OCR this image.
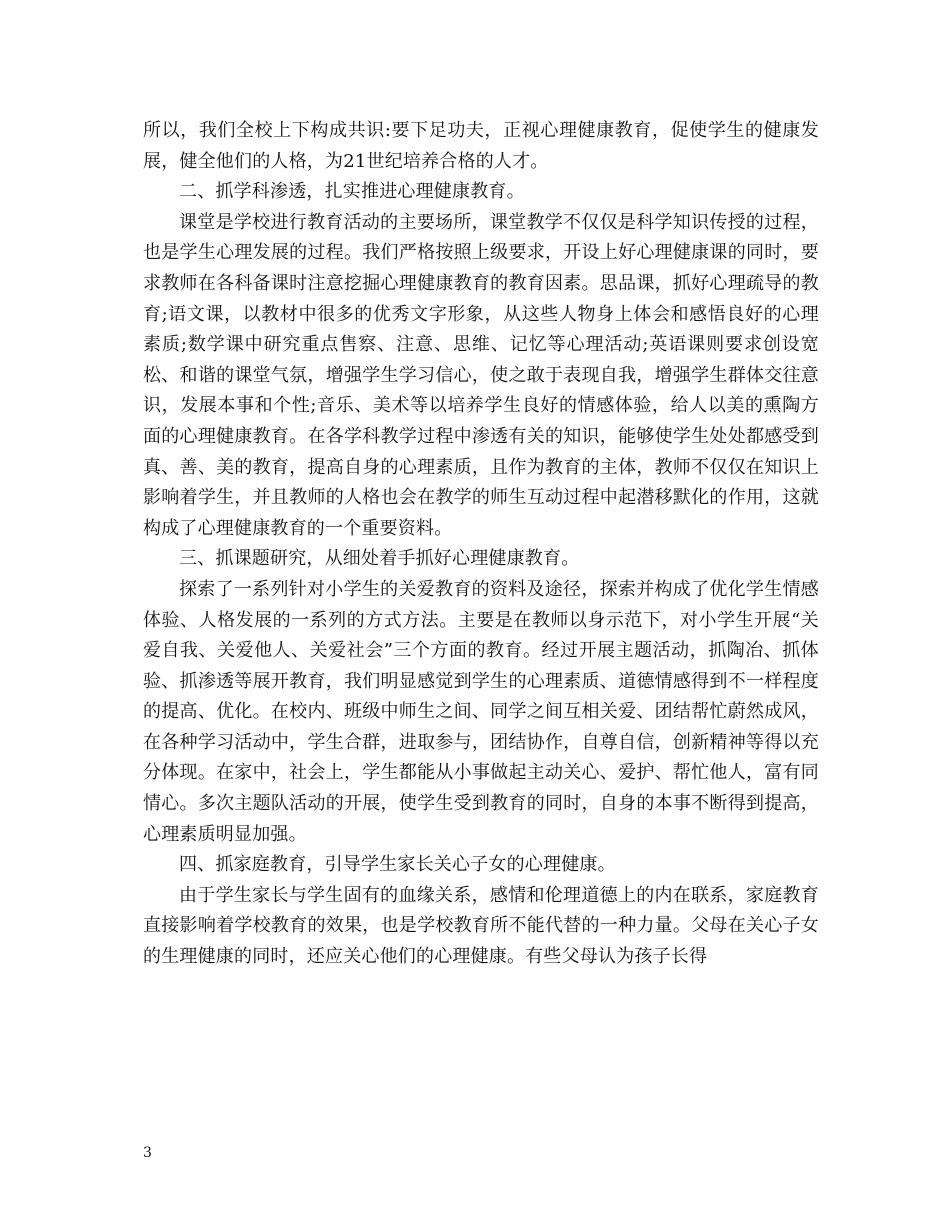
所以，我们全校上下构成共识:要下足功夫，正视心理健康教育，促使学生的健康发展，健全他们的人格，为21世纪培养合格的人才。

二、抓学科渗透，扎实推进心理健康教育。

课堂是学校进行教育活动的主要场所，课堂教学不仅仅是科学知识传授的过程，也是学生心理发展的过程。我们严格按照上级要求，开设上好心理健康课的同时，要求教师在各科备课时注意挖掘心理健康教育的教育因素。思品课，抓好心理疏导的教育;语文课，以教材中很多的优秀文字形象，从这些人物身上体会和感悟良好的心理素质;数学课中研究重点售察、注意、思维、记忆等心理活动;英语课则要求创设宽松、和谐的课堂气氛，增强学生学习信心，使之敢于表现自我，增强学生群体交往意识，发展本事和个性;音乐、美术等以培养学生良好的情感体验，给人以美的熏陶方面的心理健康教育。在各学科教学过程中渗透有关的知识，能够使学生处处都感受到真、善、美的教育，提高自身的心理素质，且作为教育的主体，教师不仅仅在知识上影响着学生，并且教师的人格也会在教学的师生互动过程中起潜移默化的作用，这就构成了心理健康教育的一个重要资料。

三、抓课题研究，从细处着手抓好心理健康教育。

探索了一系列针对小学生的关爱教育的资料及途径，探索并构成了优化学生情感体验、人格发展的一系列的方式方法。主要是在教师以身示范下，对小学生开展“关爱自我、关爱他人、关爱社会”三个方面的教育。经过开展主题活动，抓陶冶、抓体验、抓渗透等展开教育，我们明显感觉到学生的心理素质、道德情感得到不一样程度的提高、优化。在校内、班级中师生之间、同学之间互相关爱、团结帮忙蔚然成风，在各种学习活动中，学生合群，进取参与，团结协作，自尊自信，创新精神等得以充分体现。在家中，社会上，学生都能从小事做起主动关心、爱护、帮忙他人，富有同情心。多次主题队活动的开展，使学生受到教育的同时，自身的本事不断得到提高，心理素质明显加强。

四、抓家庭教育，引导学生家长关心子女的心理健康。

由于学生家长与学生固有的血缘关系，感情和伦理道德上的内在联系，家庭教育直接影响着学校教育的效果，也是学校教育所不能代替的一种力量。父母在关心子女的生理健康的同时，还应关心他们的心理健康。有些父母认为孩子长得

3
